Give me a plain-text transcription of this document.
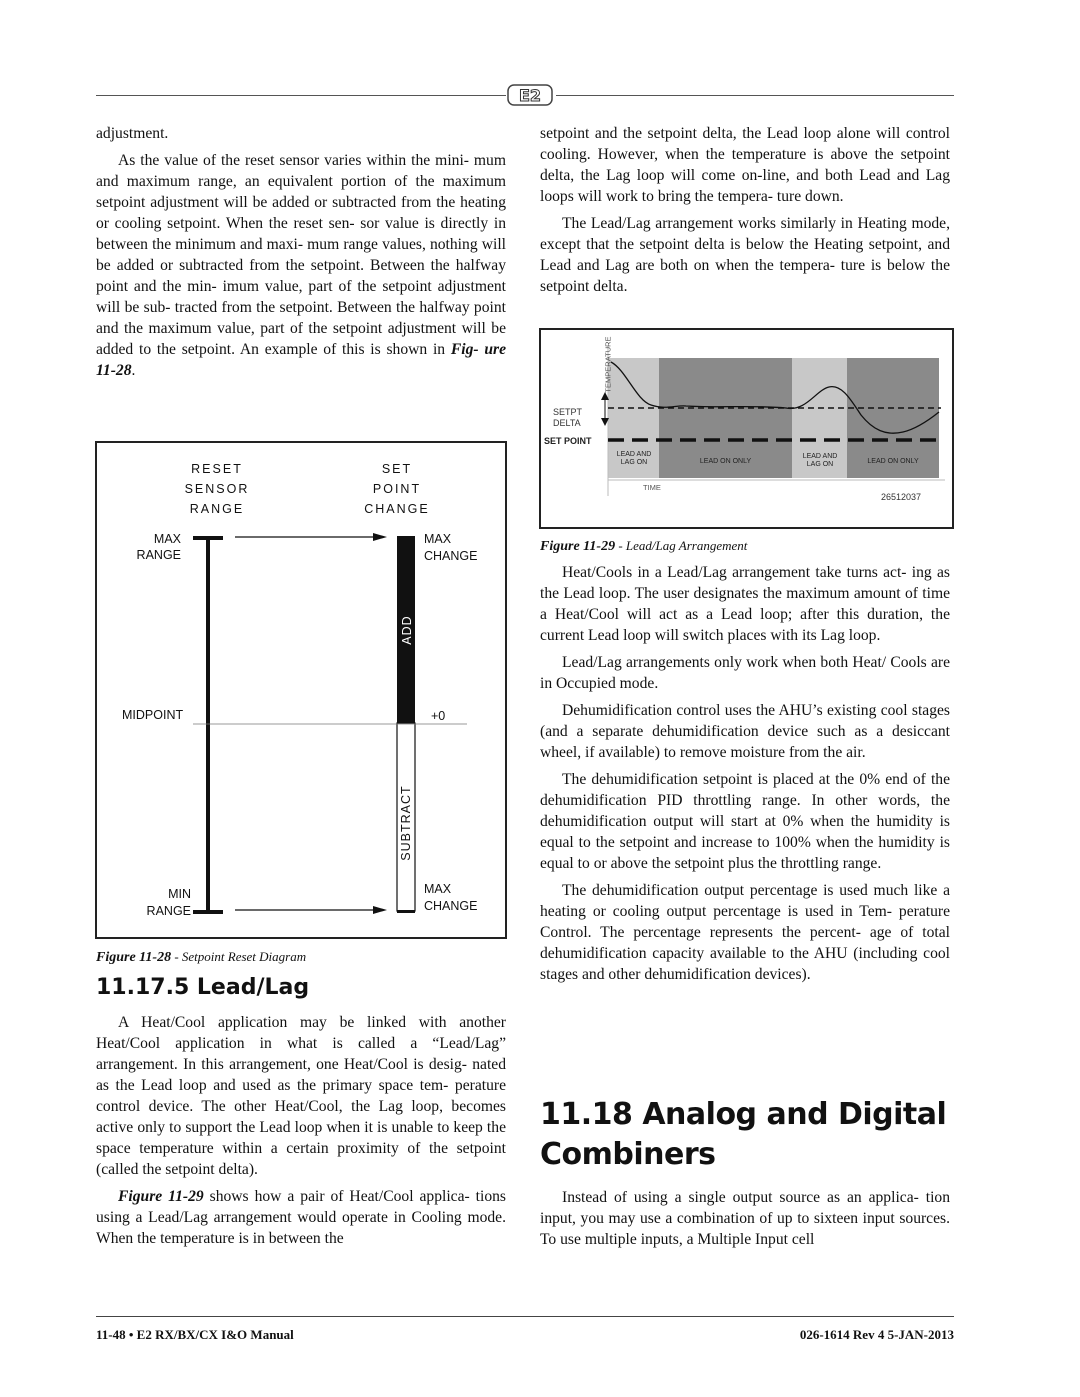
E2

adjustment.

As the value of the reset sensor varies within the mini- mum and maximum range, an equivalent portion of the maximum setpoint adjustment will be added or subtracted from the heating or cooling setpoint. When the reset sen- sor value is directly in between the minimum and maxi- mum range values, nothing will be added or subtracted from the setpoint. Between the halfway point and the min- imum value, part of the setpoint adjustment will be sub- tracted from the setpoint. Between the halfway point and the maximum value, part of the setpoint adjustment will be added to the setpoint. An example of this is shown in Fig- ure 11-28.

RESET
SENSOR
RANGE
SET
POINT
CHANGE
MAX
RANGE
MAX
CHANGE
ADD
MIDPOINT	+0
SUBTRACT
MIN
RANGE
MAX
CHANGE
Figure 11-28 - Setpoint Reset Diagram
11.17.5 Lead/Lag

A Heat/Cool application may be linked with another Heat/Cool application in what is called a “Lead/Lag” arrangement. In this arrangement, one Heat/Cool is desig- nated as the Lead loop and used as the primary space tem- perature control device. The other Heat/Cool, the Lag loop, becomes active only to support the Lead loop when it is unable to keep the space temperature within a certain proximity of the setpoint (called the setpoint delta).

Figure 11-29 shows how a pair of Heat/Cool applica- tions using a Lead/Lag arrangement would operate in Cooling mode. When the temperature is in between the

setpoint and the setpoint delta, the Lead loop alone will control cooling. However, when the temperature is above the setpoint delta, the Lag loop will come on-line, and both Lead and Lag loops will work to bring the tempera- ture down.

The Lead/Lag arrangement works similarly in Heating mode, except that the setpoint delta is below the Heating setpoint, and Lead and Lag are both on when the tempera- ture is below the setpoint delta.

TEMPERATURE
SETPT
DELTA
SET POINT
LEAD AND
LAG ON	LEAD ON ONLY
LEAD AND
LAG ON	LEAD ON ONLY
TIME
26512037
Figure 11-29 - Lead/Lag Arrangement

Heat/Cools in a Lead/Lag arrangement take turns act- ing as the Lead loop. The user designates the maximum amount of time a Heat/Cool will act as a Lead loop; after this duration, the current Lead loop will switch places with its Lag loop.

Lead/Lag arrangements only work when both Heat/ Cools are in Occupied mode.

Dehumidification control uses the AHU’s existing cool stages (and a separate dehumidification device such as a desiccant wheel, if available) to remove moisture from the air.

The dehumidification setpoint is placed at the 0% end of the dehumidification PID throttling range. In other words, the dehumidification output will start at 0% when the humidity is equal to the setpoint and increase to 100% when the humidity is equal to or above the setpoint plus the throttling range.

The dehumidification output percentage is used much like a heating or cooling output percentage is used in Tem- perature Control. The percentage represents the percent- age of total dehumidification capacity available to the AHU (including cool stages and other dehumidification devices).

11.18 Analog and Digital
Combiners

Instead of using a single output source as an applica- tion input, you may use a combination of up to sixteen input sources. To use multiple inputs, a Multiple Input cell

11-48 • E2 RX/BX/CX I&O Manual	026-1614 Rev 4 5-JAN-2013
